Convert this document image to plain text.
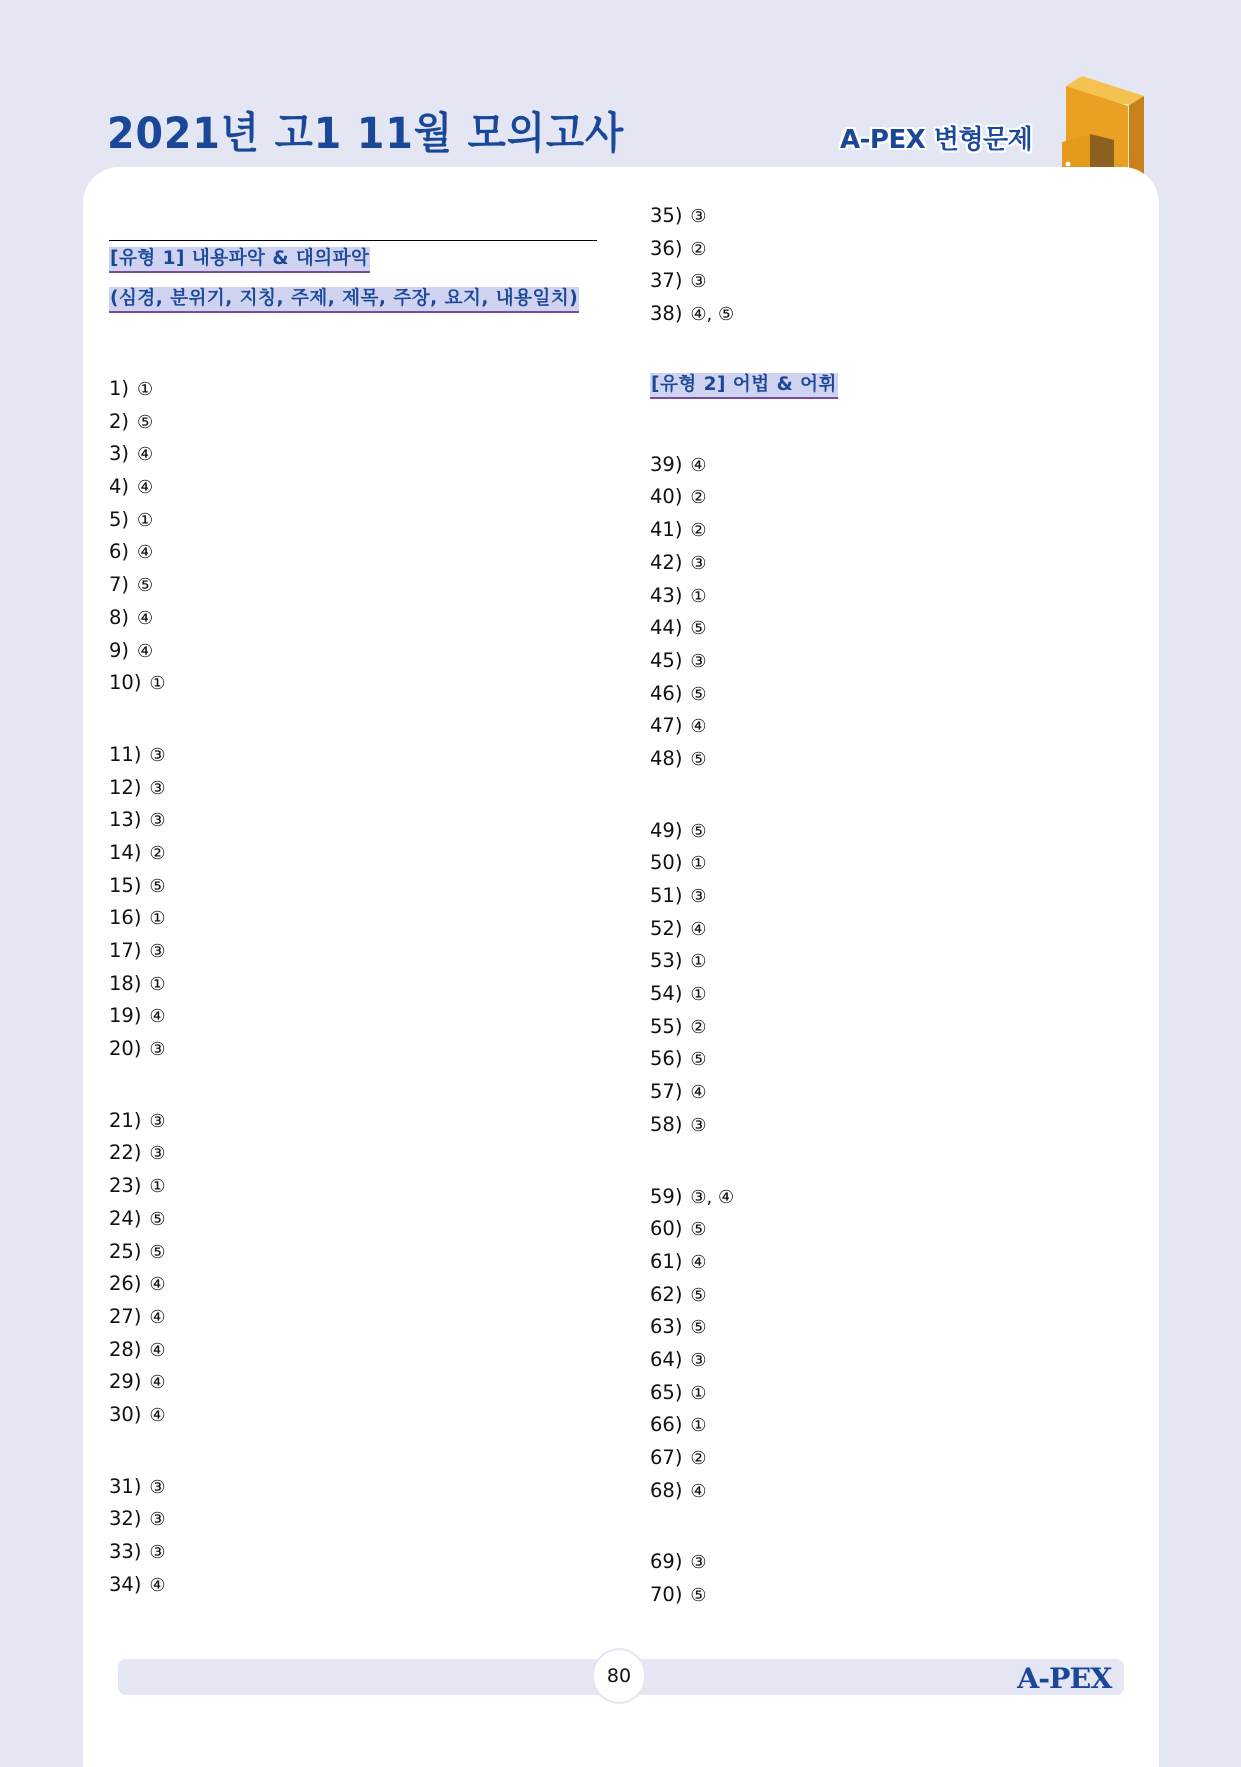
2021년 고1 11월 모의고사	A-PEX 변형문제
[유형 1] 내용파악 & 대의파악
(심경, 분위기, 지칭, 주제, 제목, 주장, 요지, 내용일치)
1) ①
2) ⑤
3) ④
4) ④
5) ①
6) ④
7) ⑤
8) ④
9) ④
10) ①
11) ③
12) ③
13) ③
14) ②
15) ⑤
16) ①
17) ③
18) ①
19) ④
20) ③
21) ③
22) ③
23) ①
24) ⑤
25) ⑤
26) ④
27) ④
28) ④
29) ④
30) ④
31) ③
32) ③
33) ③
34) ④
35) ③
36) ②
37) ③
38) ④, ⑤
[유형 2] 어법 & 어휘
39) ④
40) ②
41) ②
42) ③
43) ①
44) ⑤
45) ③
46) ⑤
47) ④
48) ⑤
49) ⑤
50) ①
51) ③
52) ④
53) ①
54) ①
55) ②
56) ⑤
57) ④
58) ③
59) ③, ④
60) ⑤
61) ④
62) ⑤
63) ⑤
64) ③
65) ①
66) ①
67) ②
68) ④
69) ③
70) ⑤
80	A-PEX
